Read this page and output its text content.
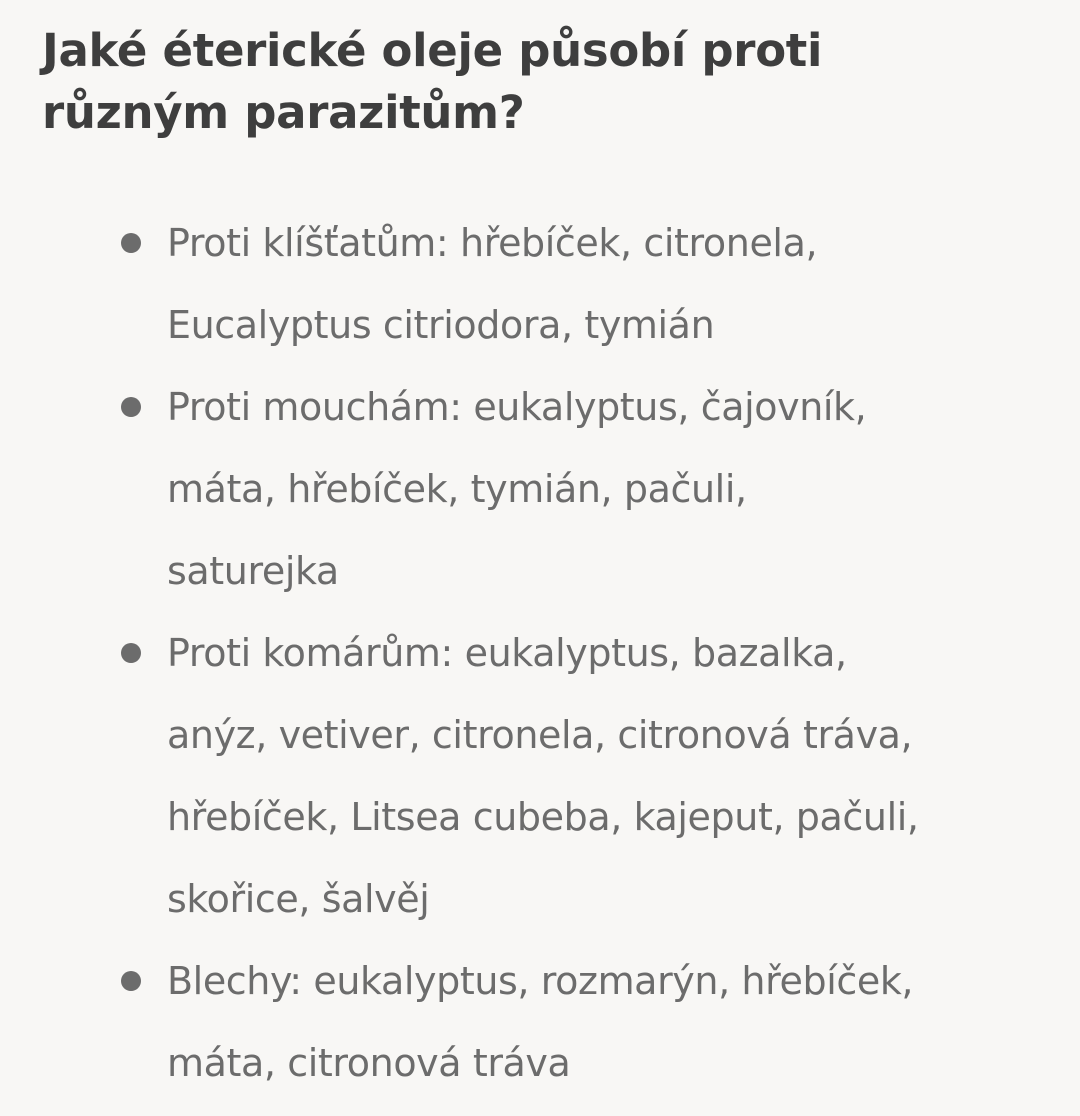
Jaké éterické oleje působí proti
různým parazitům?
Proti klíšťatům: hřebíček, citronela,
Eucalyptus citriodora, tymián
Proti mouchám: eukalyptus, čajovník,
máta, hřebíček, tymián, pačuli,
saturejka
Proti komárům: eukalyptus, bazalka,
anýz, vetiver, citronela, citronová tráva,
hřebíček, Litsea cubeba, kajeput, pačuli,
skořice, šalvěj
Blechy: eukalyptus, rozmarýn, hřebíček,
máta, citronová tráva
